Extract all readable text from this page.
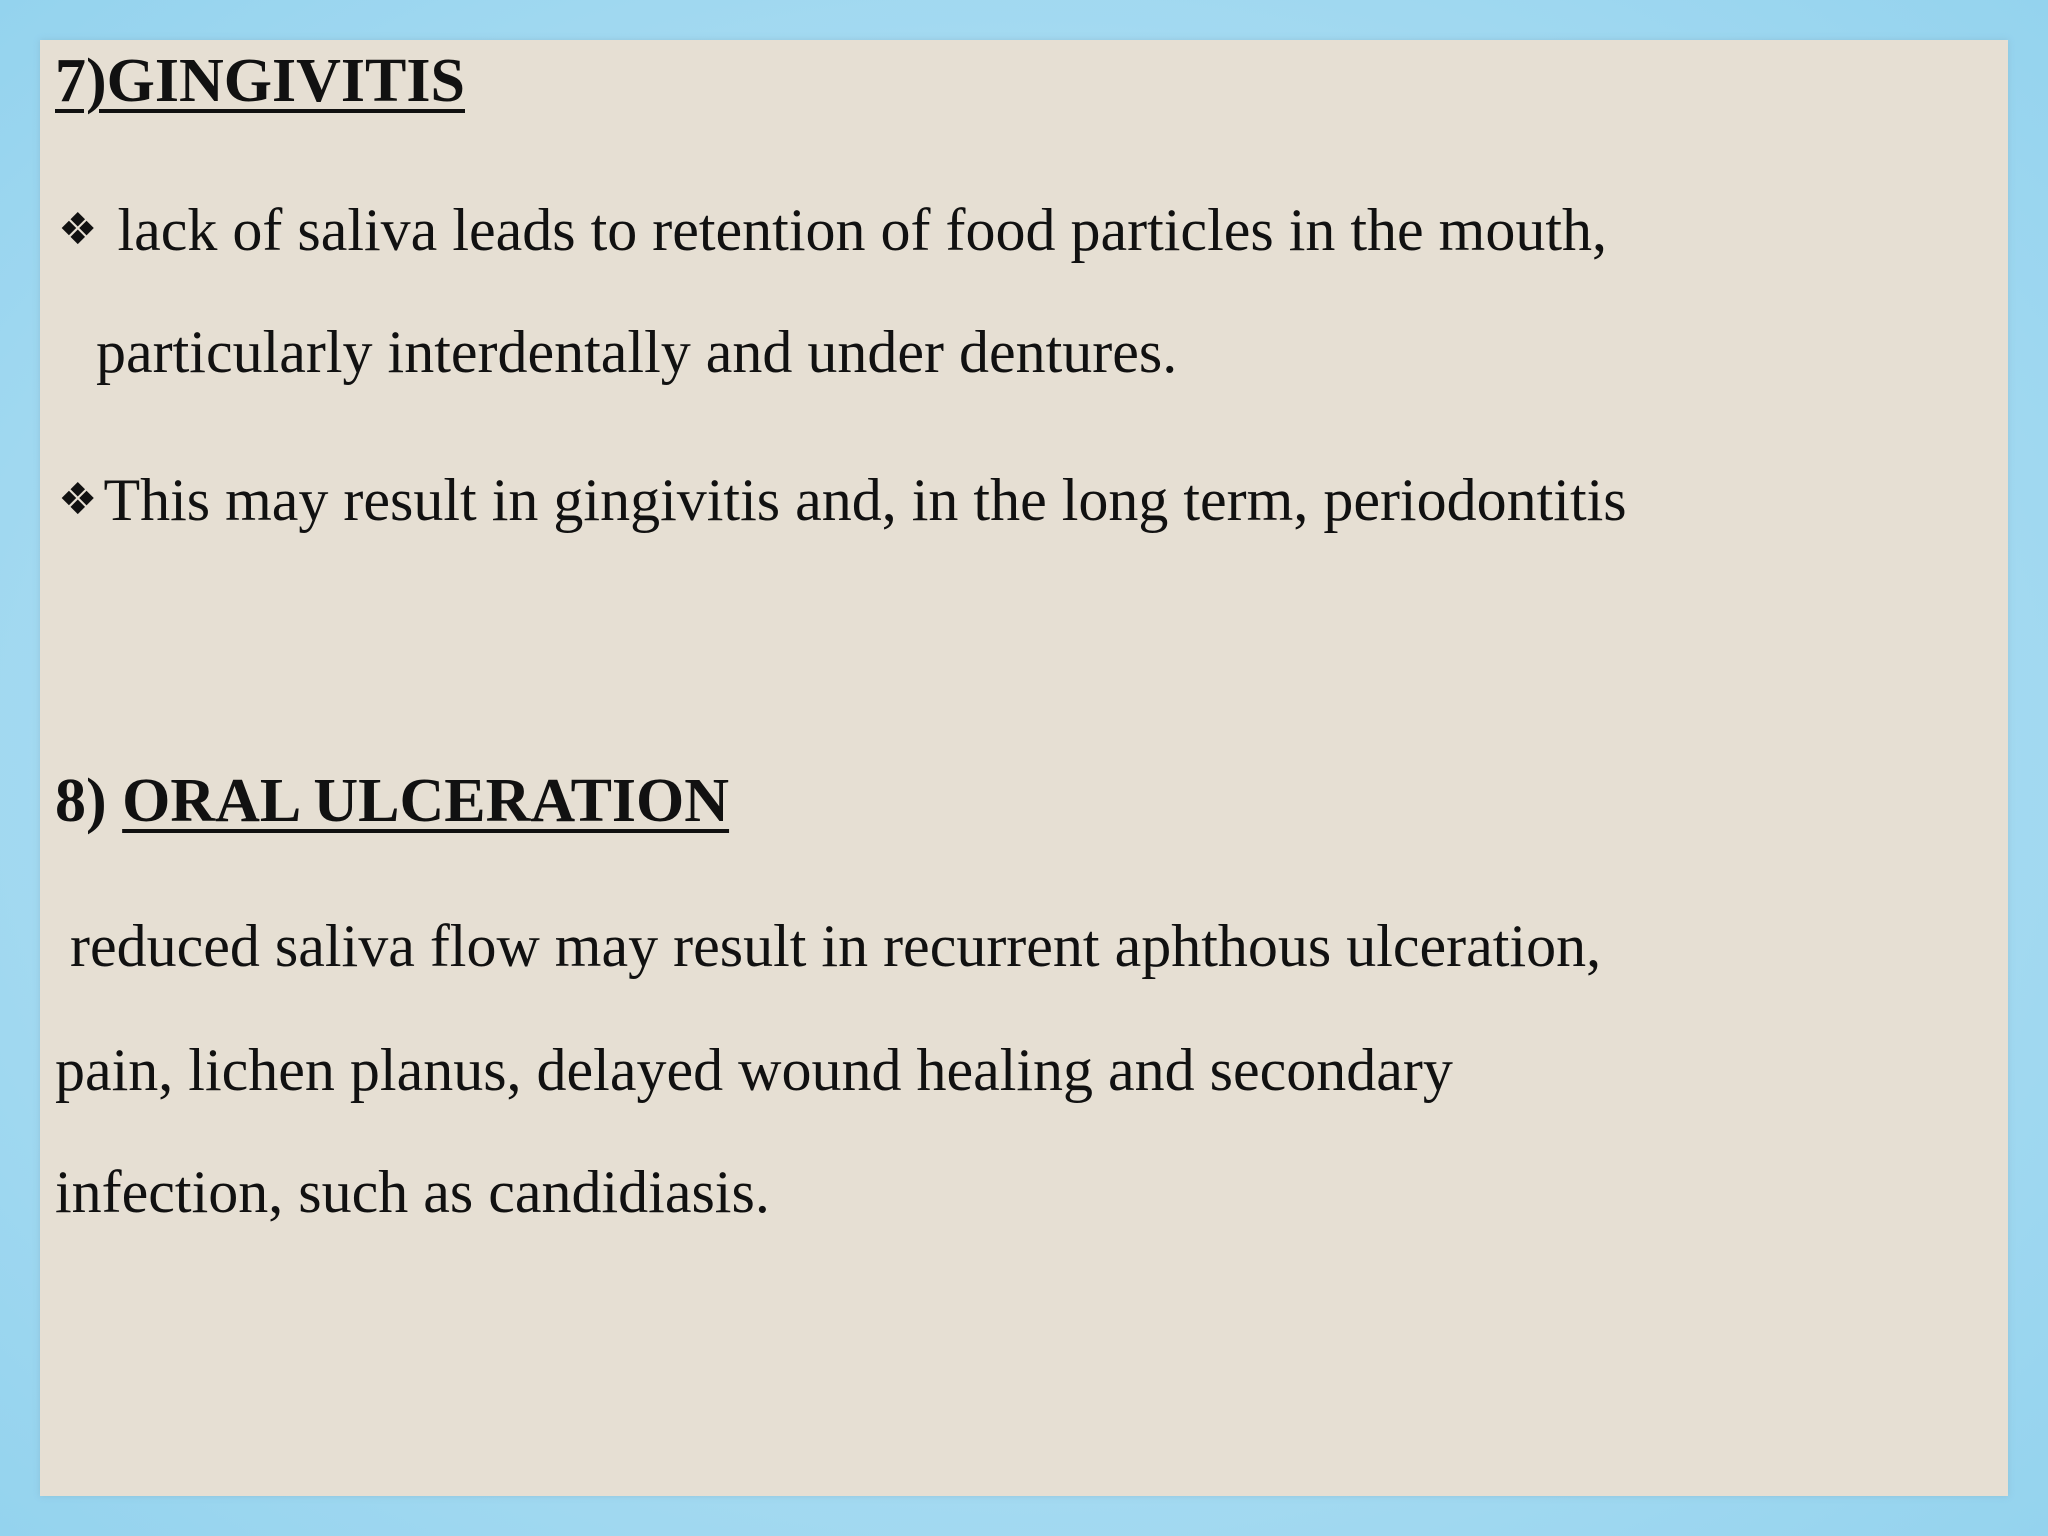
7)GINGIVITIS

❖ lack of saliva leads to retention of food particles in the mouth,

particularly interdentally and under dentures.

❖ This may result in gingivitis and, in the long term, periodontitis

8) ORAL ULCERATION

reduced saliva flow may result in recurrent aphthous ulceration,

pain, lichen planus, delayed wound healing and secondary

infection, such as candidiasis.
